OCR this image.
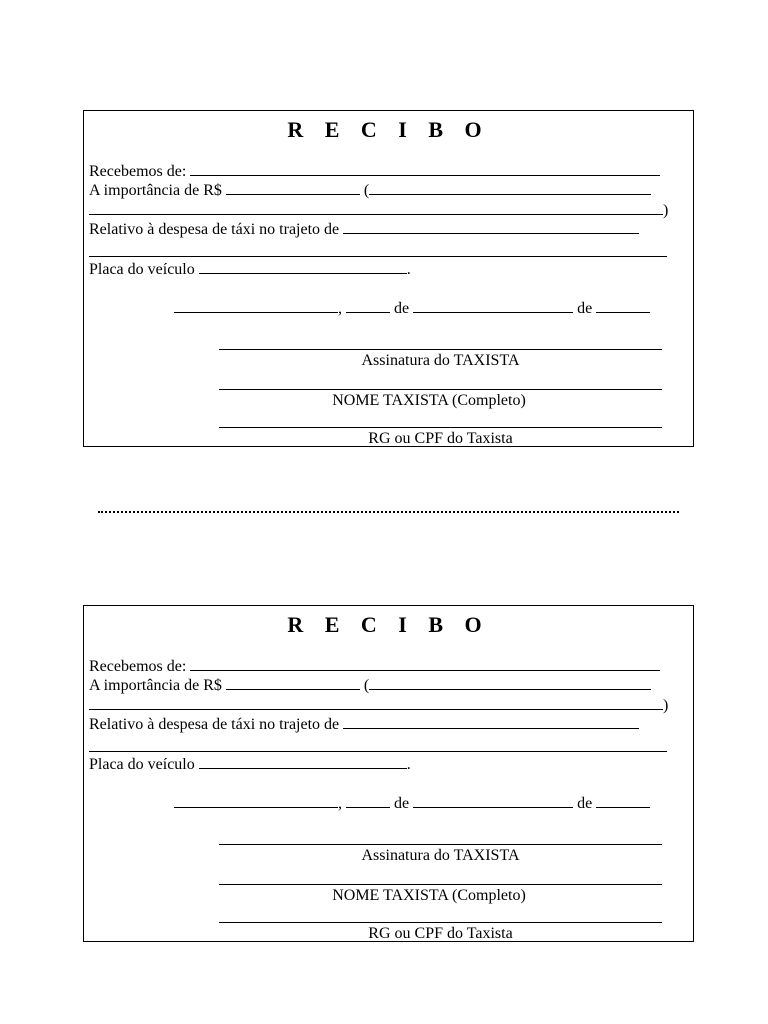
R E C I B O
Recebemos de:
A importância de R$	(
)
Relativo à despesa de táxi no trajeto de
Placa do veículo	.
,	de	de
Assinatura do TAXISTA
NOME TAXISTA (Completo)
RG ou CPF do Taxista
R E C I B O
Recebemos de:
A importância de R$	(
)
Relativo à despesa de táxi no trajeto de
Placa do veículo	.
,	de	de
Assinatura do TAXISTA
NOME TAXISTA (Completo)
RG ou CPF do Taxista
